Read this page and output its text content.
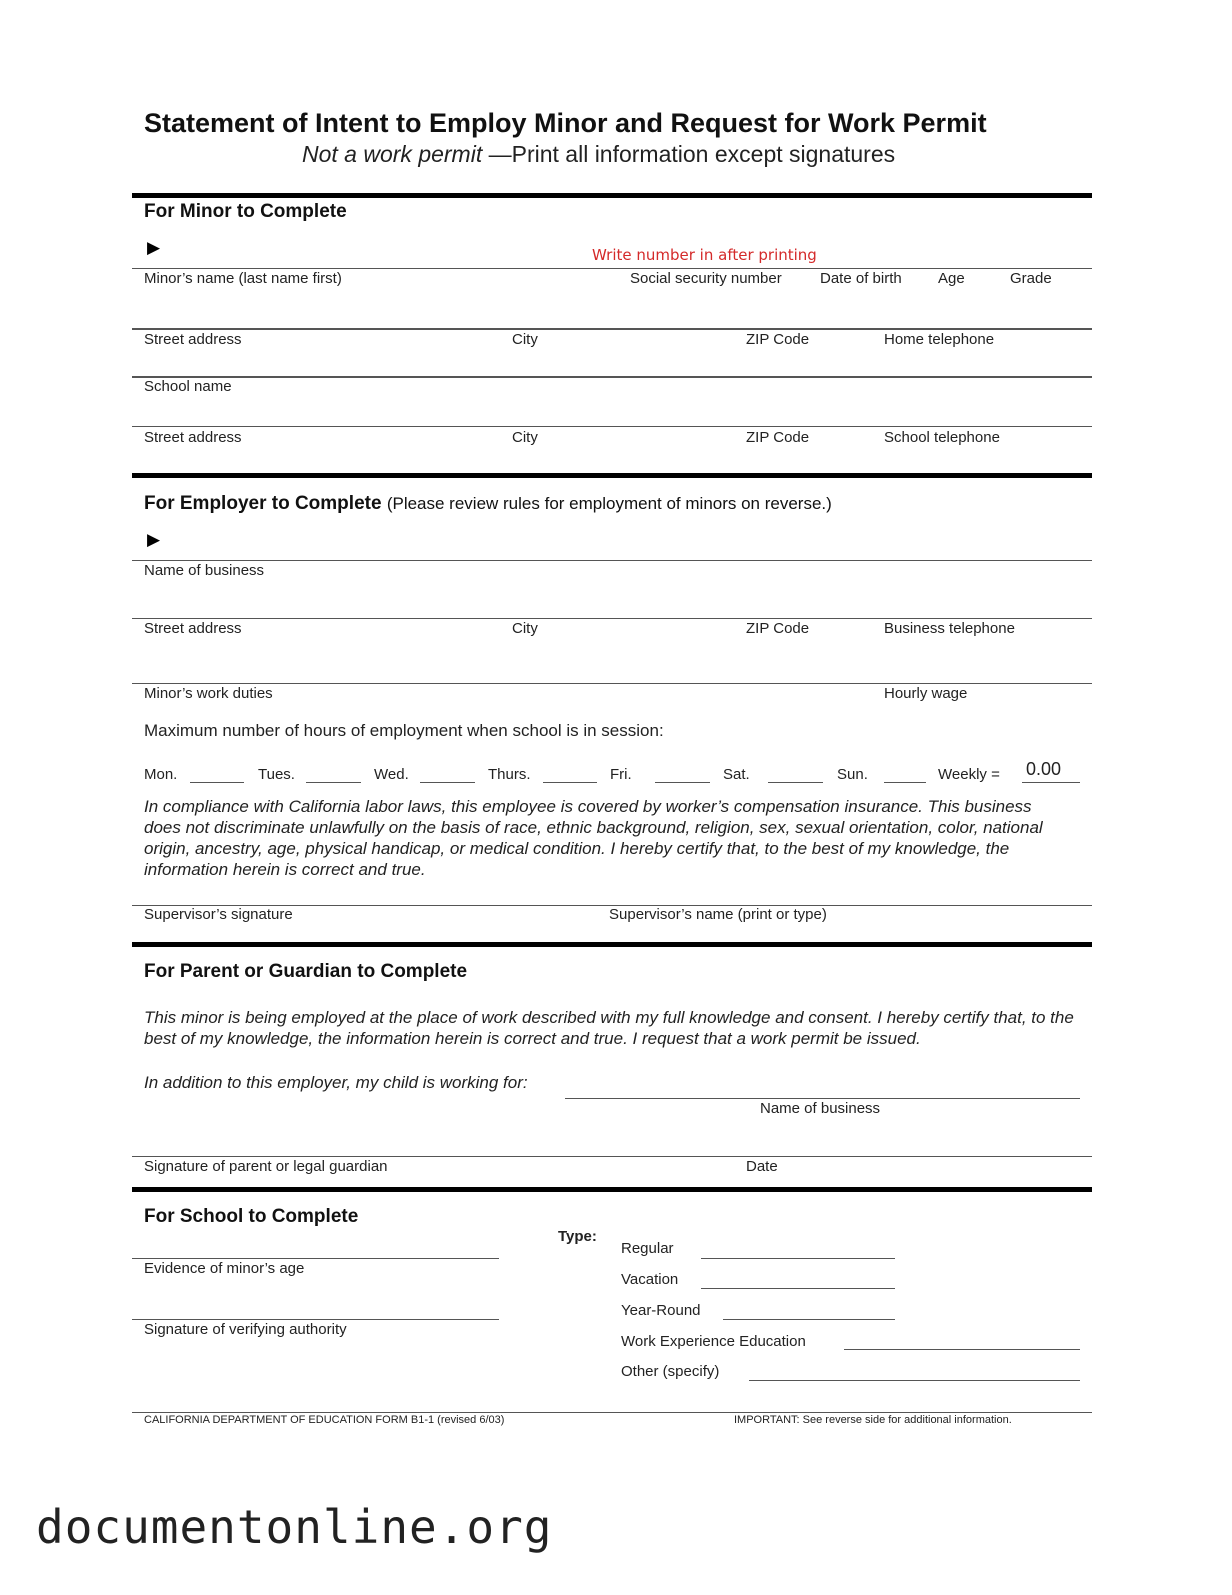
Statement of Intent to Employ Minor and Request for Work Permit
Not a work permit —Print all information except signatures
For Minor to Complete
▶	Write number in after printing
Minor’s name (last name first)	Social security number	Date of birth Age	Grade
Street address	City	ZIP Code	Home telephone
School name
Street address	City	ZIP Code	School telephone
For Employer to Complete (Please review rules for employment of minors on reverse.)
▶
Name of business
Street address	City	ZIP Code	Business telephone
Minor’s work duties	Hourly wage
Maximum number of hours of employment when school is in session:
Mon.	Tues.	Wed.	Thurs.	Fri.	Sat.	Sun.	Weekly = 0.00
In compliance with California labor laws, this employee is covered by worker’s compensation insurance. This business does not discriminate unlawfully on the basis of race, ethnic background, religion, sex, sexual orientation, color, national origin, ancestry, age, physical handicap, or medical condition. I hereby certify that, to the best of my knowledge, the information herein is correct and true.
Supervisor’s signature	Supervisor’s name (print or type)
For Parent or Guardian to Complete
This minor is being employed at the place of work described with my full knowledge and consent. I hereby certify that, to the best of my knowledge, the information herein is correct and true. I request that a work permit be issued.
In addition to this employer, my child is working for:
Name of business
Signature of parent or legal guardian	Date
For School to Complete
Type:
Evidence of minor’s age
Signature of verifying authority
Regular
Vacation
Year-Round
Work Experience Education
Other (specify)
CALIFORNIA DEPARTMENT OF EDUCATION FORM B1-1 (revised 6/03)	IMPORTANT: See reverse side for additional information.
documentonline.org
